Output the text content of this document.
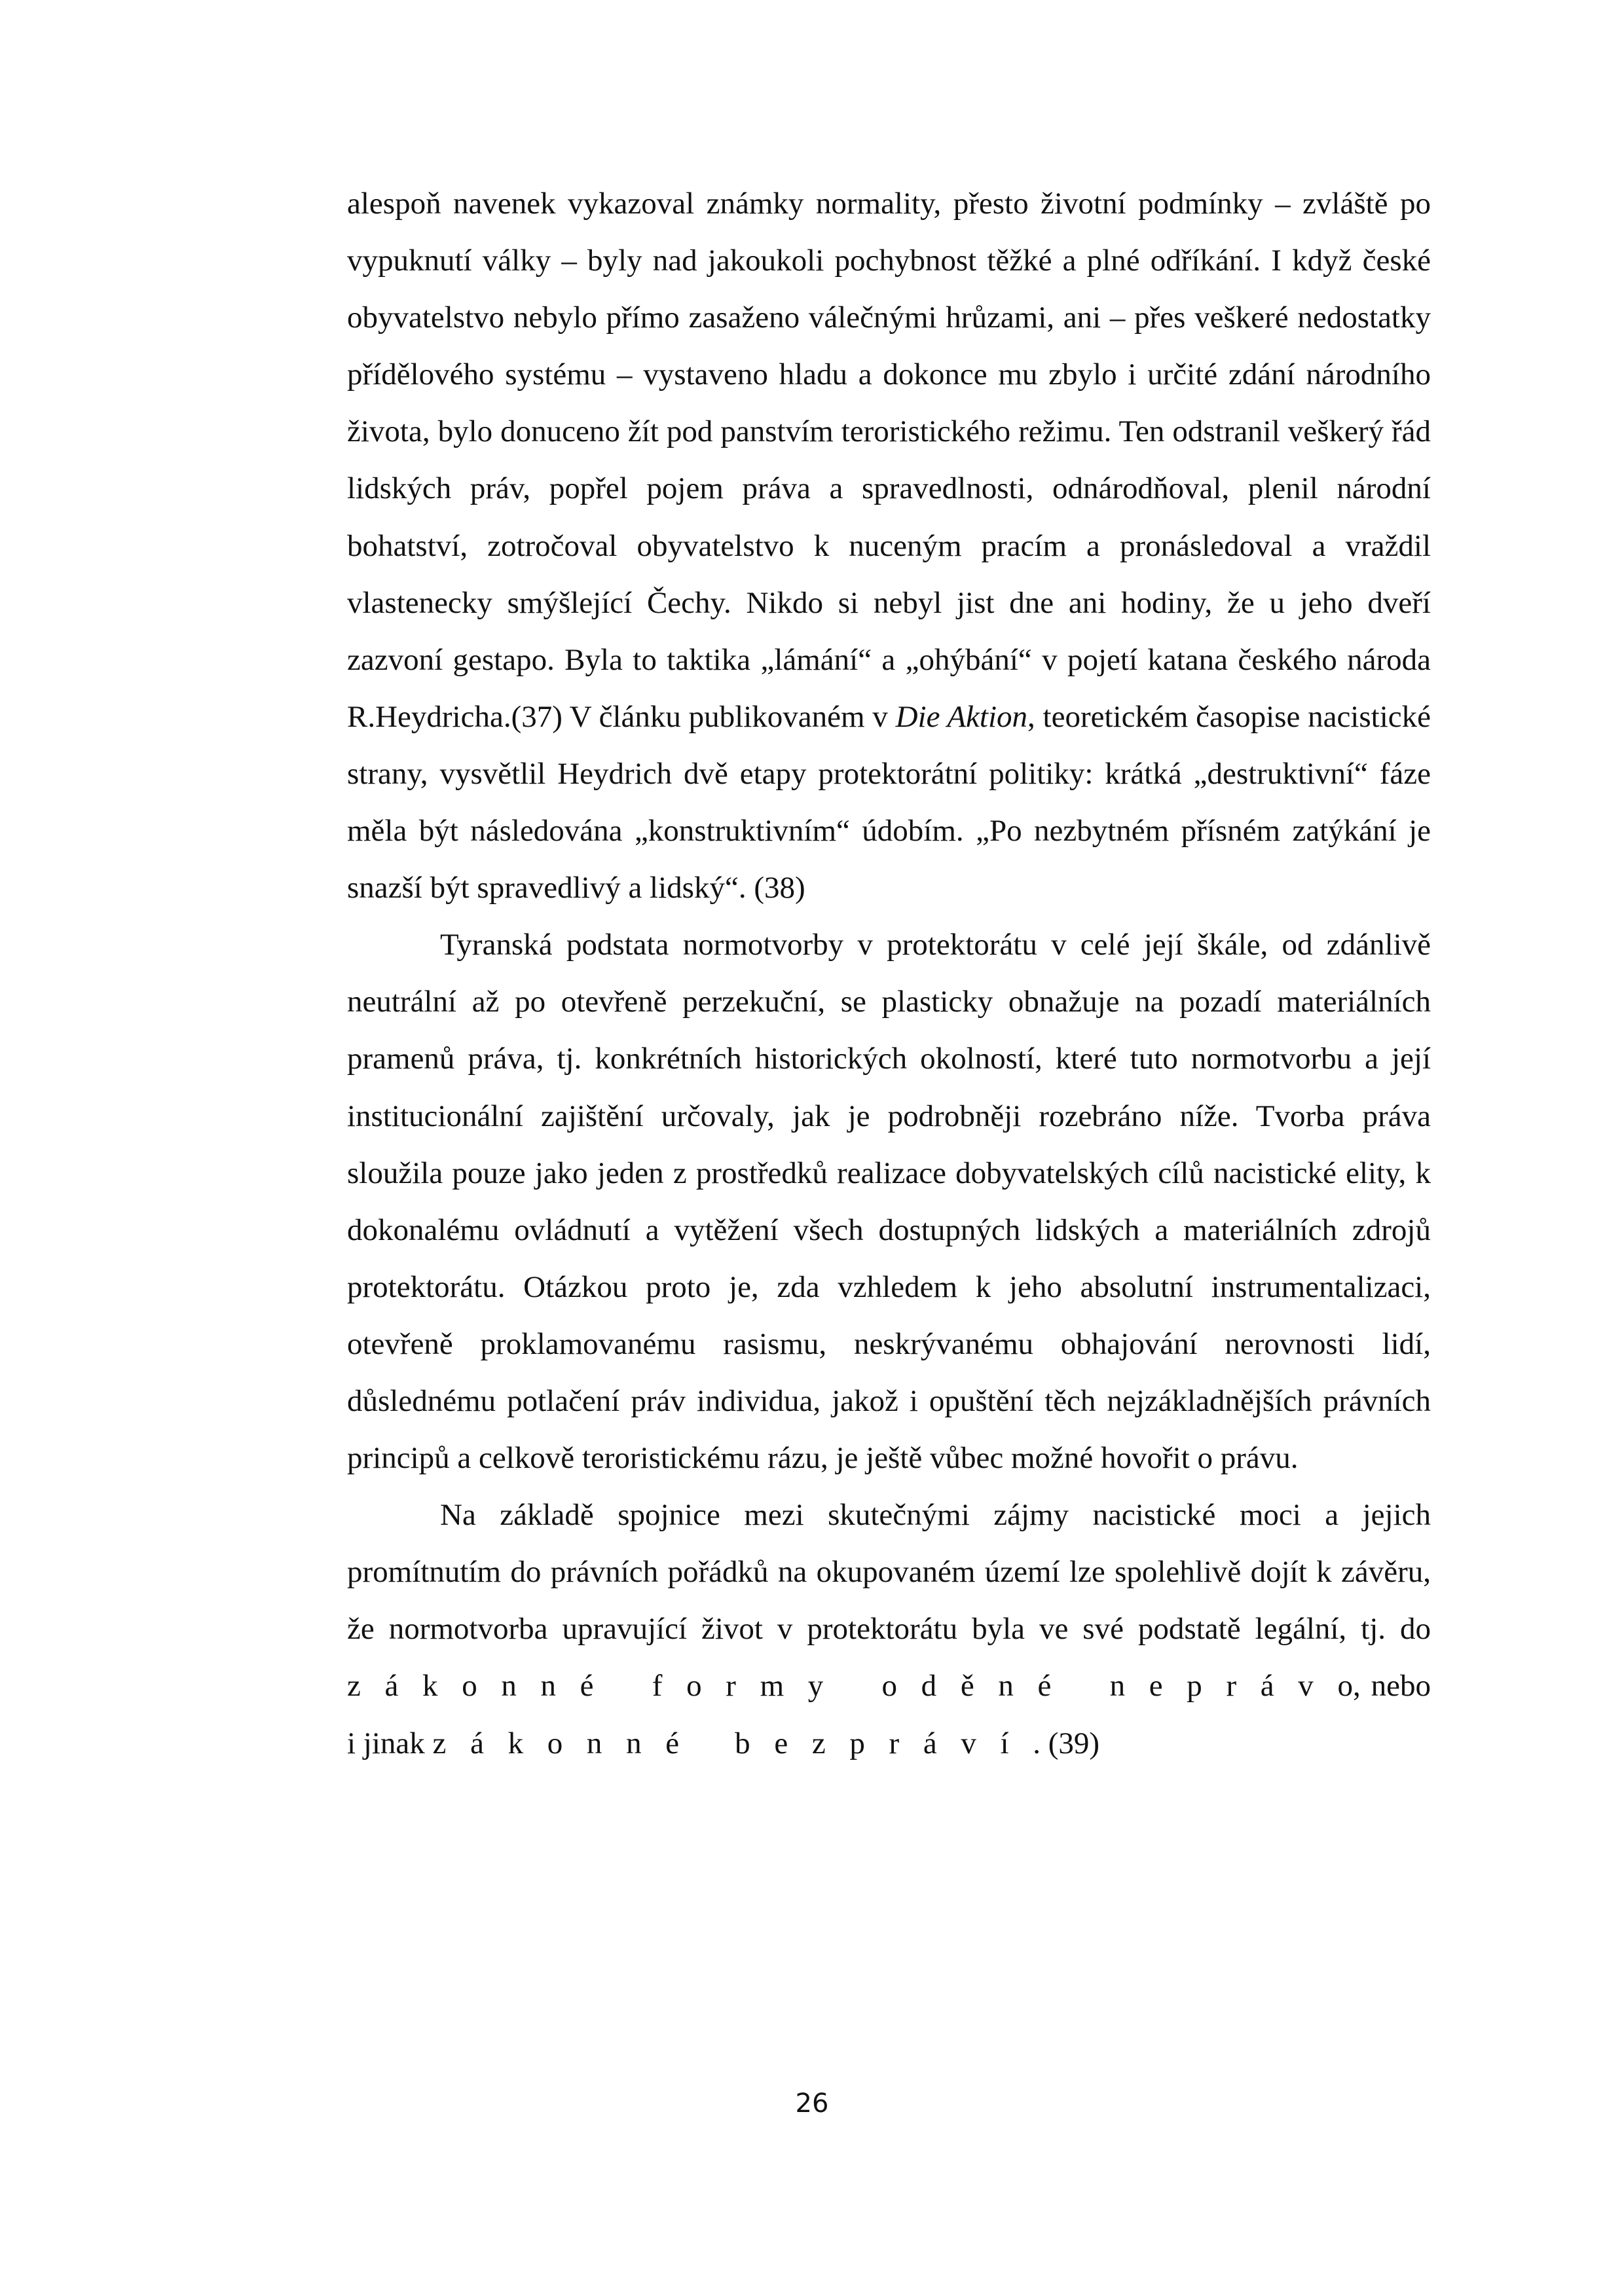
alespoň navenek vykazoval známky normality, přesto životní podmínky – zvláště po vypuknutí války – byly nad jakoukoli pochybnost těžké a plné odříkání. I když české obyvatelstvo nebylo přímo zasaženo válečnými hrůzami, ani – přes veškeré nedostatky přídělového systému – vystaveno hladu a dokonce mu zbylo i určité zdání národního života, bylo donuceno žít pod panstvím teroristického režimu. Ten odstranil veškerý řád lidských práv, popřel pojem práva a spravedlnosti, odnárodňoval, plenil národní bohatství, zotročoval obyvatelstvo k nuceným pracím a pronásledoval a vraždil vlastenecky smýšlející Čechy. Nikdo si nebyl jist dne ani hodiny, že u jeho dveří zazvoní gestapo. Byla to taktika „lámání“ a „ohýbání“ v pojetí katana českého národa R.Heydricha.(37) V článku publikovaném v Die Aktion, teoretickém časopise nacistické strany, vysvětlil Heydrich dvě etapy protektorátní politiky: krátká „destruktivní“ fáze měla být následována „konstruktivním“ údobím. „Po nezbytném přísném zatýkání je snazší být spravedlivý a lidský“. (38)

Tyranská podstata normotvorby v protektorátu v celé její škále, od zdánlivě neutrální až po otevřeně perzekuční, se plasticky obnažuje na pozadí materiálních pramenů práva, tj. konkrétních historických okolností, které tuto normotvorbu a její institucionální zajištění určovaly, jak je podrobněji rozebráno níže. Tvorba práva sloužila pouze jako jeden z prostředků realizace dobyvatelských cílů nacistické elity, k dokonalému ovládnutí a vytěžení všech dostupných lidských a materiálních zdrojů protektorátu. Otázkou proto je, zda vzhledem k jeho absolutní instrumentalizaci, otevřeně proklamovanému rasismu, neskrývanému obhajování nerovnosti lidí, důslednému potlačení práv individua, jakož i opuštění těch nejzákladnějších právních principů a celkově teroristickému rázu, je ještě vůbec možné hovořit o právu.

Na základě spojnice mezi skutečnými zájmy nacistické moci a jejich promítnutím do právních pořádků na okupovaném území lze spolehlivě dojít k závěru, že normotvorba upravující život v protektorátu byla ve své podstatě legální, tj. do zákonné formy oděné neprávo, nebo i jinak zákonné bezpráví. (39)

26
